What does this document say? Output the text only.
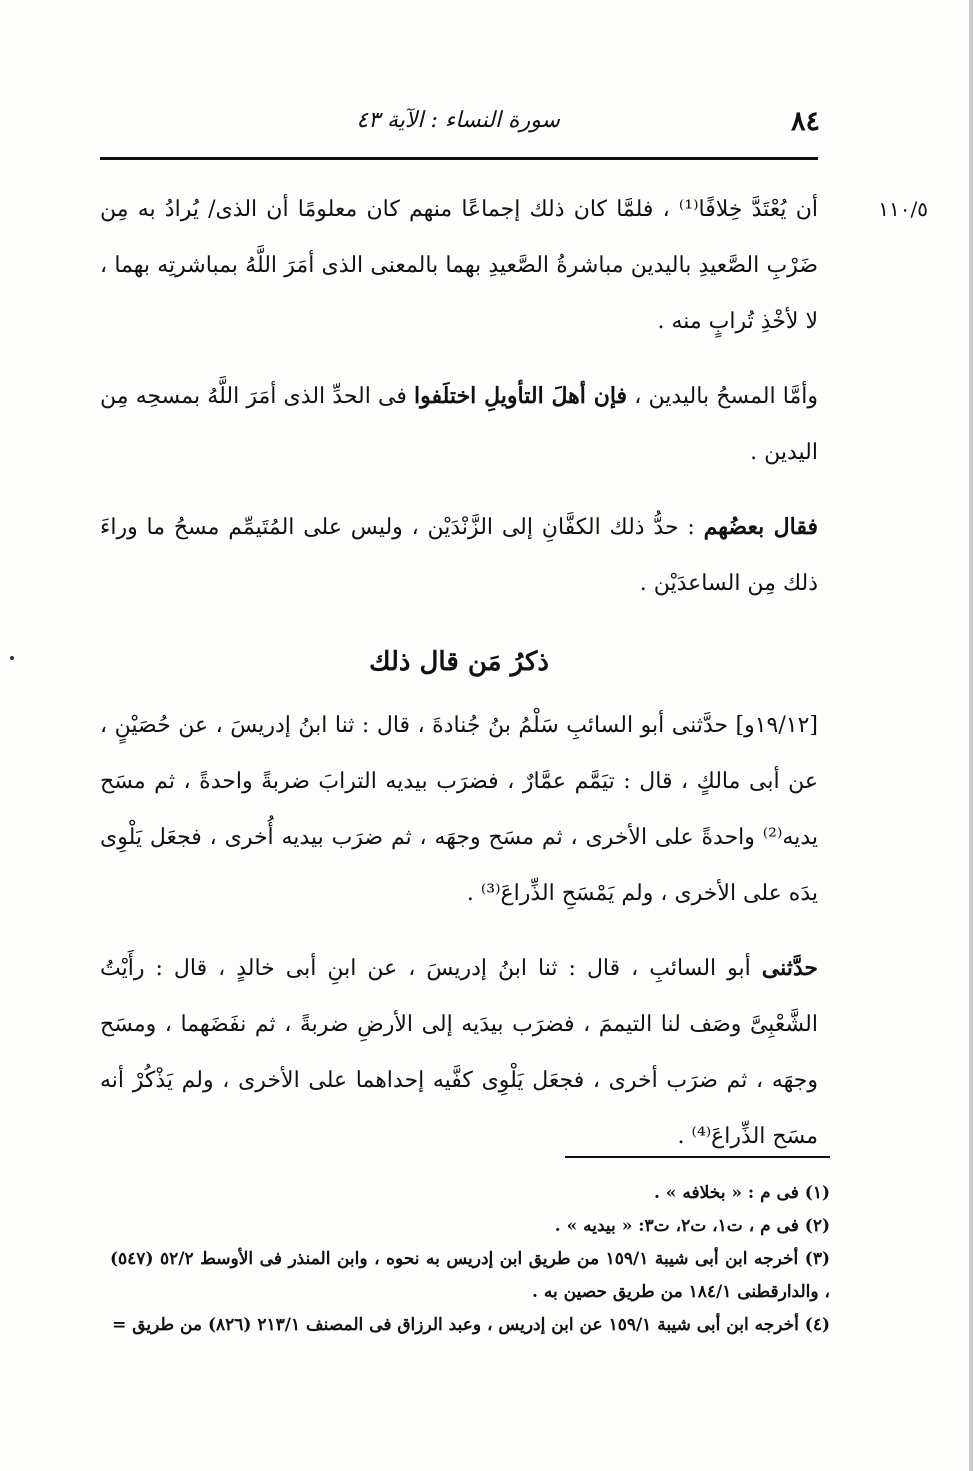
٨٤
سورة النساء : الآية ٤٣
١١٠/٥

أن يُعْتَدَّ خِلافًا⁽¹⁾ ، فلمَّا كان ذلك إجماعًا منهم كان معلومًا أن الذى/ يُرادُ به مِن ضَرْبِ الصَّعيدِ باليدين مباشرةُ الصَّعيدِ بهما بالمعنى الذى أمَرَ اللَّهُ بمباشرتِه بهما ، لا لأخْذِ تُرابٍ منه .

وأمَّا المسحُ باليدين ، فإن أهلَ التأويلِ اختلَفوا فى الحدِّ الذى أمَرَ اللَّهُ بمسحِه مِن اليدين .

فقال بعضُهم : حدُّ ذلك الكفَّانِ إلى الزَّنْدَيْن ، وليس على المُتَيمِّم مسحُ ما وراءَ ذلك مِن الساعدَيْن .

ذكرُ مَن قال ذلك

[١٩/١٢و] حدَّثنى أبو السائبِ سَلْمُ بنُ جُنادةَ ، قال : ثنا ابنُ إدريسَ ، عن حُصَيْنٍ ، عن أبى مالكٍ ، قال : تيَمَّم عمَّارٌ ، فضرَب بيديه الترابَ ضربةً واحدةً ، ثم مسَح يديه⁽²⁾ واحدةً على الأخرى ، ثم مسَح وجهَه ، ثم ضرَب بيديه أُخرى ، فجعَل يَلْوِى يدَه على الأخرى ، ولم يَمْسَحِ الذِّراعَ⁽³⁾ .

حدَّثنى أبو السائبِ ، قال : ثنا ابنُ إدريسَ ، عن ابنِ أبى خالدٍ ، قال : رأَيْتُ الشَّعْبِىَّ وصَف لنا التيممَ ، فضرَب بيدَيه إلى الأرضِ ضربةً ، ثم نفَضَهما ، ومسَح وجهَه ، ثم ضرَب أخرى ، فجعَل يَلْوِى كفَّيه إحداهما على الأخرى ، ولم يَذْكُرْ أنه مسَح الذِّراعَ⁽⁴⁾ .

(١) فى م : « بخلافه » .

(٢) فى م ، ت١، ت٢، ت٣: « بيديه » .

(٣) أخرجه ابن أبى شيبة ١٥٩/١ من طريق ابن إدريس به نحوه ، وابن المنذر فى الأوسط ٥٢/٢ (٥٤٧) ، والدارقطنى ١٨٤/١ من طريق حصين به .

(٤) أخرجه ابن أبى شيبة ١٥٩/١ عن ابن إدريس ، وعبد الرزاق فى المصنف ٢١٣/١ (٨٢٦) من طريق =
